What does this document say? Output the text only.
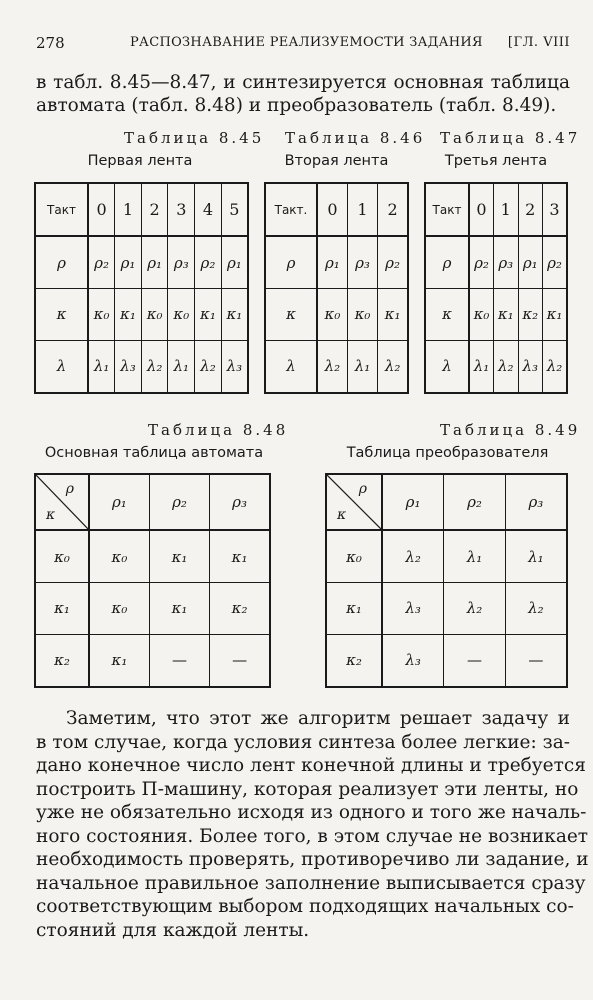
278	РАСПОЗНАВАНИЕ РЕАЛИЗУЕМОСТИ ЗАДАНИЯ [ГЛ. VIII
в табл. 8.45—8.47, и синтезируется основная таблица
автомата (табл. 8.48) и преобразователь (табл. 8.49).
Таблица 8.45
Первая лента
Такт	0	1	2	3	4	5
ρ	ρ₂	ρ₁	ρ₁	ρ₃	ρ₂	ρ₁
κ	κ₀	κ₁	κ₀	κ₀	κ₁	κ₁
λ	λ₁	λ₃	λ₂	λ₁	λ₂	λ₃
Таблица 8.46
Вторая лента
Такт.	0	1	2
ρ	ρ₁	ρ₃	ρ₂
κ	κ₀	κ₀	κ₁
λ	λ₂	λ₁	λ₂
Таблица 8.47
Третья лента
Такт	0	1	2	3
ρ	ρ₂	ρ₃	ρ₁	ρ₂
κ	κ₀	κ₁	κ₂	κ₁
λ	λ₁	λ₂	λ₃	λ₂
Таблица 8.48
Основная таблица автомата
ρ
κ	ρ₁	ρ₂	ρ₃
κ₀	κ₀	κ₁	κ₁
κ₁	κ₀	κ₁	κ₂
κ₂	κ₁	—	—
Таблица 8.49
Таблица преобразователя
ρ
κ	ρ₁	ρ₂	ρ₃
κ₀	λ₂	λ₁	λ₁
κ₁	λ₃	λ₂	λ₂
κ₂	λ₃	—	—
Заметим, что этот же алгоритм решает задачу и
в том случае, когда условия синтеза более легкие: за-
дано конечное число лент конечной длины и требуется
построить П-машину, которая реализует эти ленты, но
уже не обязательно исходя из одного и того же началь-
ного состояния. Более того, в этом случае не возникает
необходимость проверять, противоречиво ли задание, и
начальное правильное заполнение выписывается сразу
соответствующим выбором подходящих начальных со-
стояний для каждой ленты.
